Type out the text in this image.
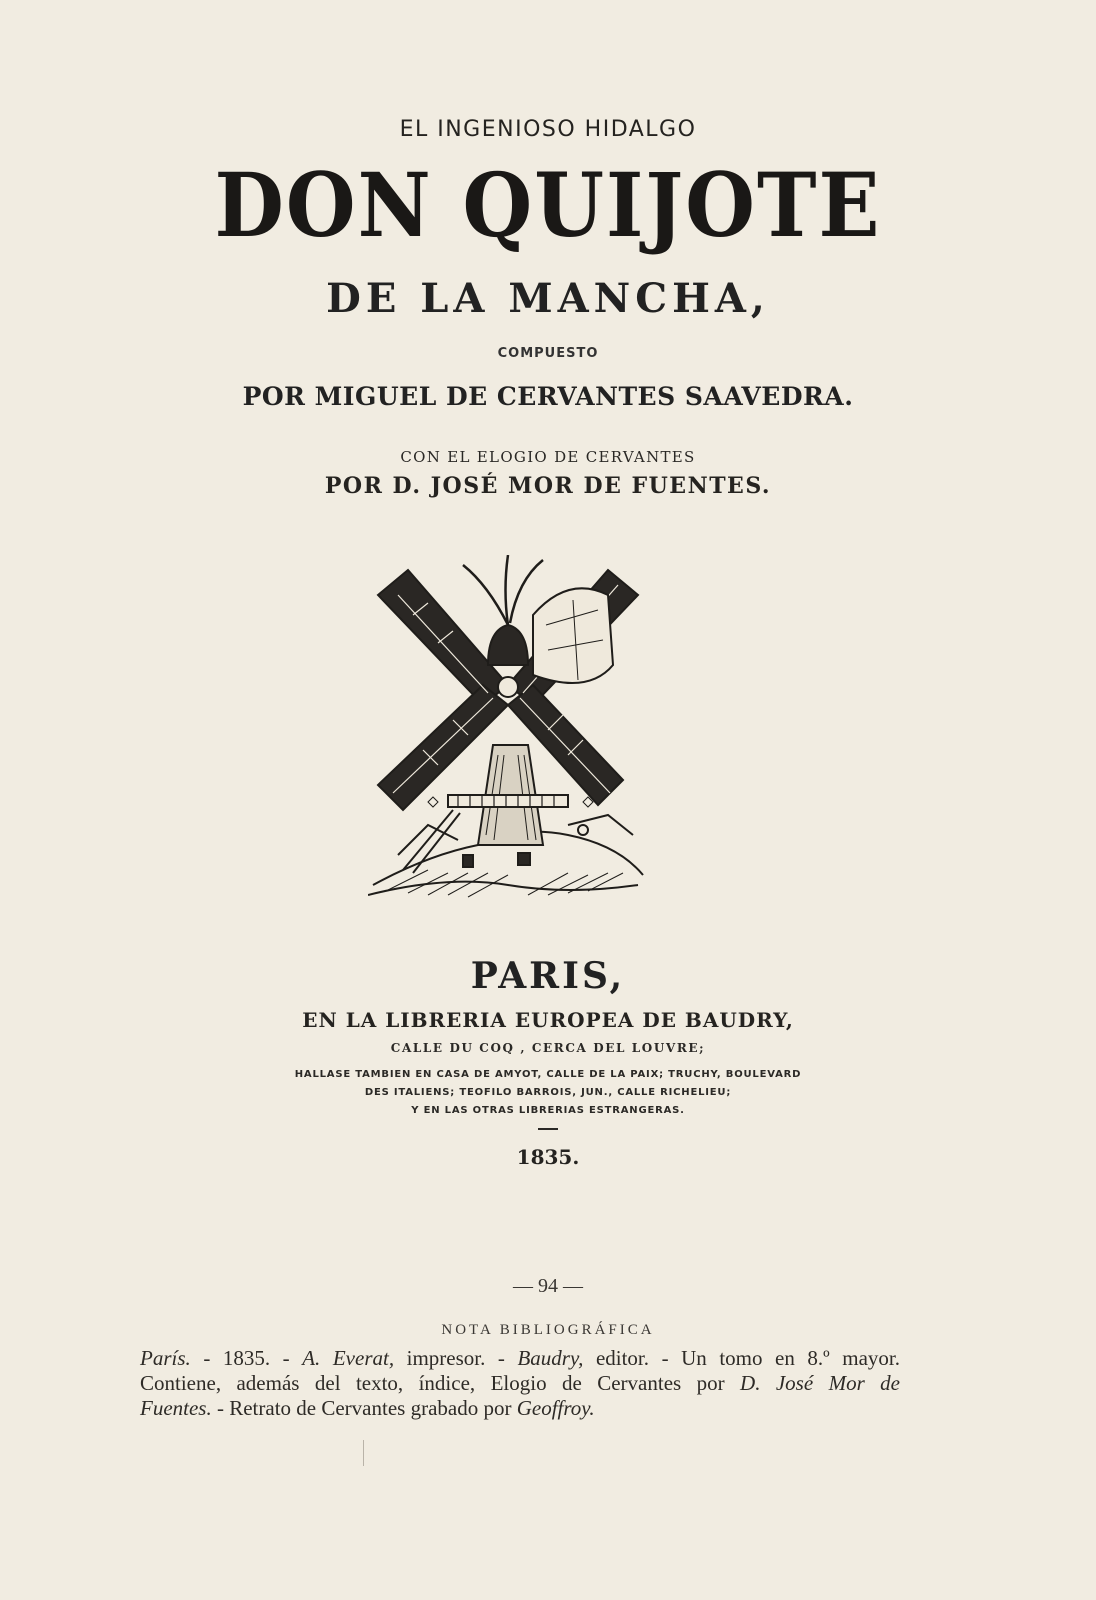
EL INGENIOSO HIDALGO
DON QUIJOTE
DE LA MANCHA,
COMPUESTO
POR MIGUEL DE CERVANTES SAAVEDRA.
CON EL ELOGIO DE CERVANTES
POR D. JOSÉ MOR DE FUENTES.
PARIS,
EN LA LIBRERIA EUROPEA DE BAUDRY,
CALLE DU COQ , CERCA DEL LOUVRE;
HALLASE TAMBIEN EN CASA DE AMYOT, CALLE DE LA PAIX; TRUCHY, BOULEVARD
DES ITALIENS; TEOFILO BARROIS, JUN., CALLE RICHELIEU;
Y EN LAS OTRAS LIBRERIAS ESTRANGERAS.
1835.
— 94 —
NOTA BIBLIOGRÁFICA
París. - 1835. - A. Everat, impresor. - Baudry, editor. - Un tomo en 8.º mayor.
Contiene, además del texto, índice, Elogio de Cervantes por D. José Mor de
Fuentes. - Retrato de Cervantes grabado por Geoffroy.
